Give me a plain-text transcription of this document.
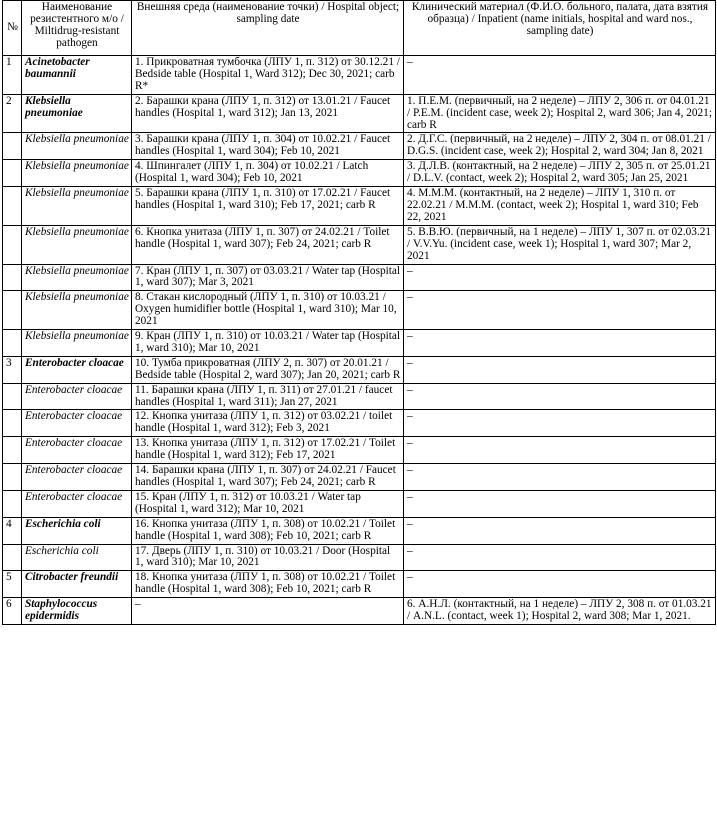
№	Наименование резистентного м/о / Miltidrug-resistant pathogen	Внешняя среда (наименование точки) / Hospital object; sampling date	Клинический материал (Ф.И.О. больного, палата, дата взятия образца) / Inpatient (name initials, hospital and ward nos., sampling date)
1	Acinetobacter baumannii	1. Прикроватная тумбочка (ЛПУ 1, п. 312) от 30.12.21 / Bedside table (Hospital 1, Ward 312); Dec 30, 2021; carb R*	–
2	Klebsiella pneumoniae	2. Барашки крана (ЛПУ 1, п. 312) от 13.01.21 / Faucet handles (Hospital 1, ward 312); Jan 13, 2021	1. П.Е.М. (первичный, на 2 неделе) – ЛПУ 2, 306 п. от 04.01.21 / P.E.M. (incident case, week 2); Hospital 2, ward 306; Jan 4, 2021; carb R
	Klebsiella pneumoniae	3. Барашки крана (ЛПУ 1, п. 304) от 10.02.21 / Faucet handles (Hospital 1, ward 304); Feb 10, 2021	2. Д.Г.С. (первичный, на 2 неделе) – ЛПУ 2, 304 п. от 08.01.21 / D.G.S. (incident case, week 2); Hospital 2, ward 304; Jan 8, 2021
	Klebsiella pneumoniae	4. Шпингалет (ЛПУ 1, п. 304) от 10.02.21 / Latch (Hospital 1, ward 304); Feb 10, 2021	3. Д.Л.В. (контактный, на 2 неделе) – ЛПУ 2, 305 п. от 25.01.21 / D.L.V. (contact, week 2); Hospital 2, ward 305; Jan 25, 2021
	Klebsiella pneumoniae	5. Барашки крана (ЛПУ 1, п. 310) от 17.02.21 / Faucet handles (Hospital 1, ward 310); Feb 17, 2021; carb R	4. М.М.М. (контактный, на 2 неделе) – ЛПУ 1, 310 п. от 22.02.21 / M.M.M. (contact, week 2); Hospital 1, ward 310; Feb 22, 2021
	Klebsiella pneumoniae	6. Кнопка унитаза (ЛПУ 1, п. 307) от 24.02.21 / Toilet handle (Hospital 1, ward 307); Feb 24, 2021; carb R	5. В.В.Ю. (первичный, на 1 неделе) – ЛПУ 1, 307 п. от 02.03.21 / V.V.Yu. (incident case, week 1); Hospital 1, ward 307; Mar 2, 2021
	Klebsiella pneumoniae	7. Кран (ЛПУ 1, п. 307) от 03.03.21 / Water tap (Hospital 1, ward 307); Mar 3, 2021	–
	Klebsiella pneumoniae	8. Стакан кислородный (ЛПУ 1, п. 310) от 10.03.21 / Oxygen humidifier bottle (Hospital 1, ward 310); Mar 10, 2021	–
	Klebsiella pneumoniae	9. Кран (ЛПУ 1, п. 310) от 10.03.21 / Water tap (Hospital 1, ward 310); Mar 10, 2021	–
3	Enterobacter cloacae	10. Тумба прикроватная (ЛПУ 2, п. 307) от 20.01.21 / Bedside table (Hospital 2, ward 307); Jan 20, 2021; carb R	–
	Enterobacter cloacae	11. Барашки крана (ЛПУ 1, п. 311) от 27.01.21 / faucet handles (Hospital 1, ward 311); Jan 27, 2021	–
	Enterobacter cloacae	12. Кнопка унитаза (ЛПУ 1, п. 312) от 03.02.21 / toilet handle (Hospital 1, ward 312); Feb 3, 2021	–
	Enterobacter cloacae	13. Кнопка унитаза (ЛПУ 1, п. 312) от 17.02.21 / Toilet handle (Hospital 1, ward 312); Feb 17, 2021	–
	Enterobacter cloacae	14. Барашки крана (ЛПУ 1, п. 307) от 24.02.21 / Faucet handles (Hospital 1, ward 307); Feb 24, 2021; carb R	–
	Enterobacter cloacae	15. Кран (ЛПУ 1, п. 312) от 10.03.21 / Water tap (Hospital 1, ward 312); Mar 10, 2021	–
4	Escherichia coli	16. Кнопка унитаза (ЛПУ 1, п. 308) от 10.02.21 / Toilet handle (Hospital 1, ward 308); Feb 10, 2021; carb R	–
	Escherichia coli	17. Дверь (ЛПУ 1, п. 310) от 10.03.21 / Door (Hospital 1, ward 310); Mar 10, 2021	–
5	Citrobacter freundii	18. Кнопка унитаза (ЛПУ 1, п. 308) от 10.02.21 / Toilet handle (Hospital 1, ward 308); Feb 10, 2021; carb R	–
6	Staphylococcus epidermidis	–	6. А.Н.Л. (контактный, на 1 неделе) – ЛПУ 2, 308 п. от 01.03.21 / A.N.L. (contact, week 1); Hospital 2, ward 308; Mar 1, 2021.
